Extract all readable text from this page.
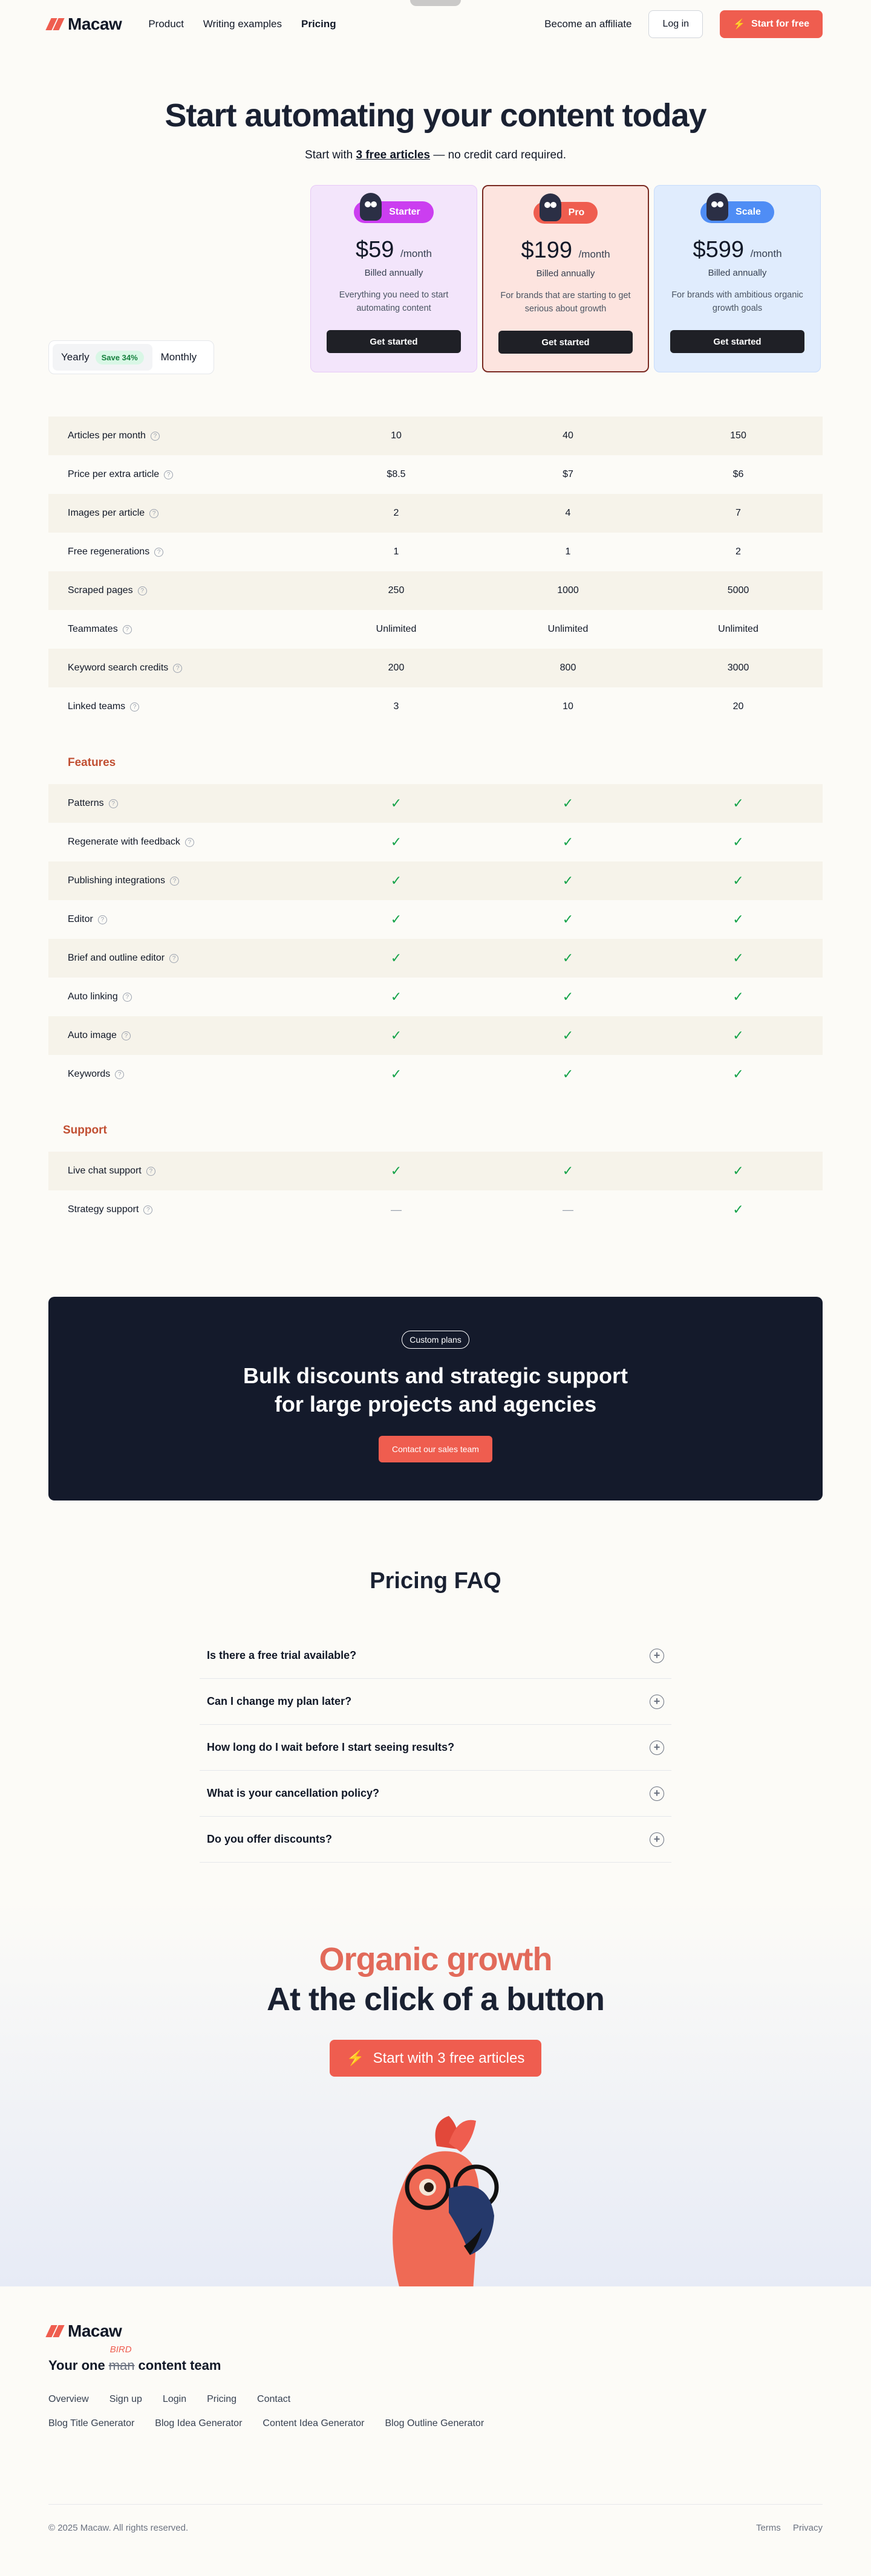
Macaw	Product Writing examples Pricing	Become an affiliate	Log in	⚡ Start for free
Start automating your content today

Start with 3 free articles — no credit card required.

Yearly	Save 34%	Monthly
Starter
$59 /month
Billed annually
Everything you need to start automating content
Get started
Pro
$199 /month
Billed annually
For brands that are starting to get serious about growth
Get started
Scale
$599 /month
Billed annually
For brands with ambitious organic growth goals
Get started
Articles per month	?	10	40	150
Price per extra article	?	$8.5	$7	$6
Images per article	?	2	4	7
Free regenerations	?	1	1	2
Scraped pages	?	250	1000	5000
Teammates	?	Unlimited	Unlimited	Unlimited
Keyword search credits	?	200	800	3000
Linked teams	?	3	10	20
Features
Patterns	?	✓	✓	✓
Regenerate with feedback	?	✓	✓	✓
Publishing integrations	?	✓	✓	✓
Editor	?	✓	✓	✓
Brief and outline editor	?	✓	✓	✓
Auto linking	?	✓	✓	✓
Auto image	?	✓	✓	✓
Keywords	?	✓	✓	✓
Support
Live chat support	?	✓	✓	✓
Strategy support	?	—	—	✓
Custom plans
Bulk discounts and strategic support
for large projects and agencies
Contact our sales team
Pricing FAQ
Is there a free trial available?	+
Can I change my plan later?	+
How long do I wait before I start seeing results?	+
What is your cancellation policy?	+
Do you offer discounts?	+
Organic growth
At the click of a button
⚡ Start with 3 free articles
Macaw
Your one
BIRD
man content team
Overview Sign up Login Pricing Contact
Blog Title Generator Blog Idea Generator Content Idea Generator Blog Outline Generator
© 2025 Macaw. All rights reserved.	Terms Privacy
